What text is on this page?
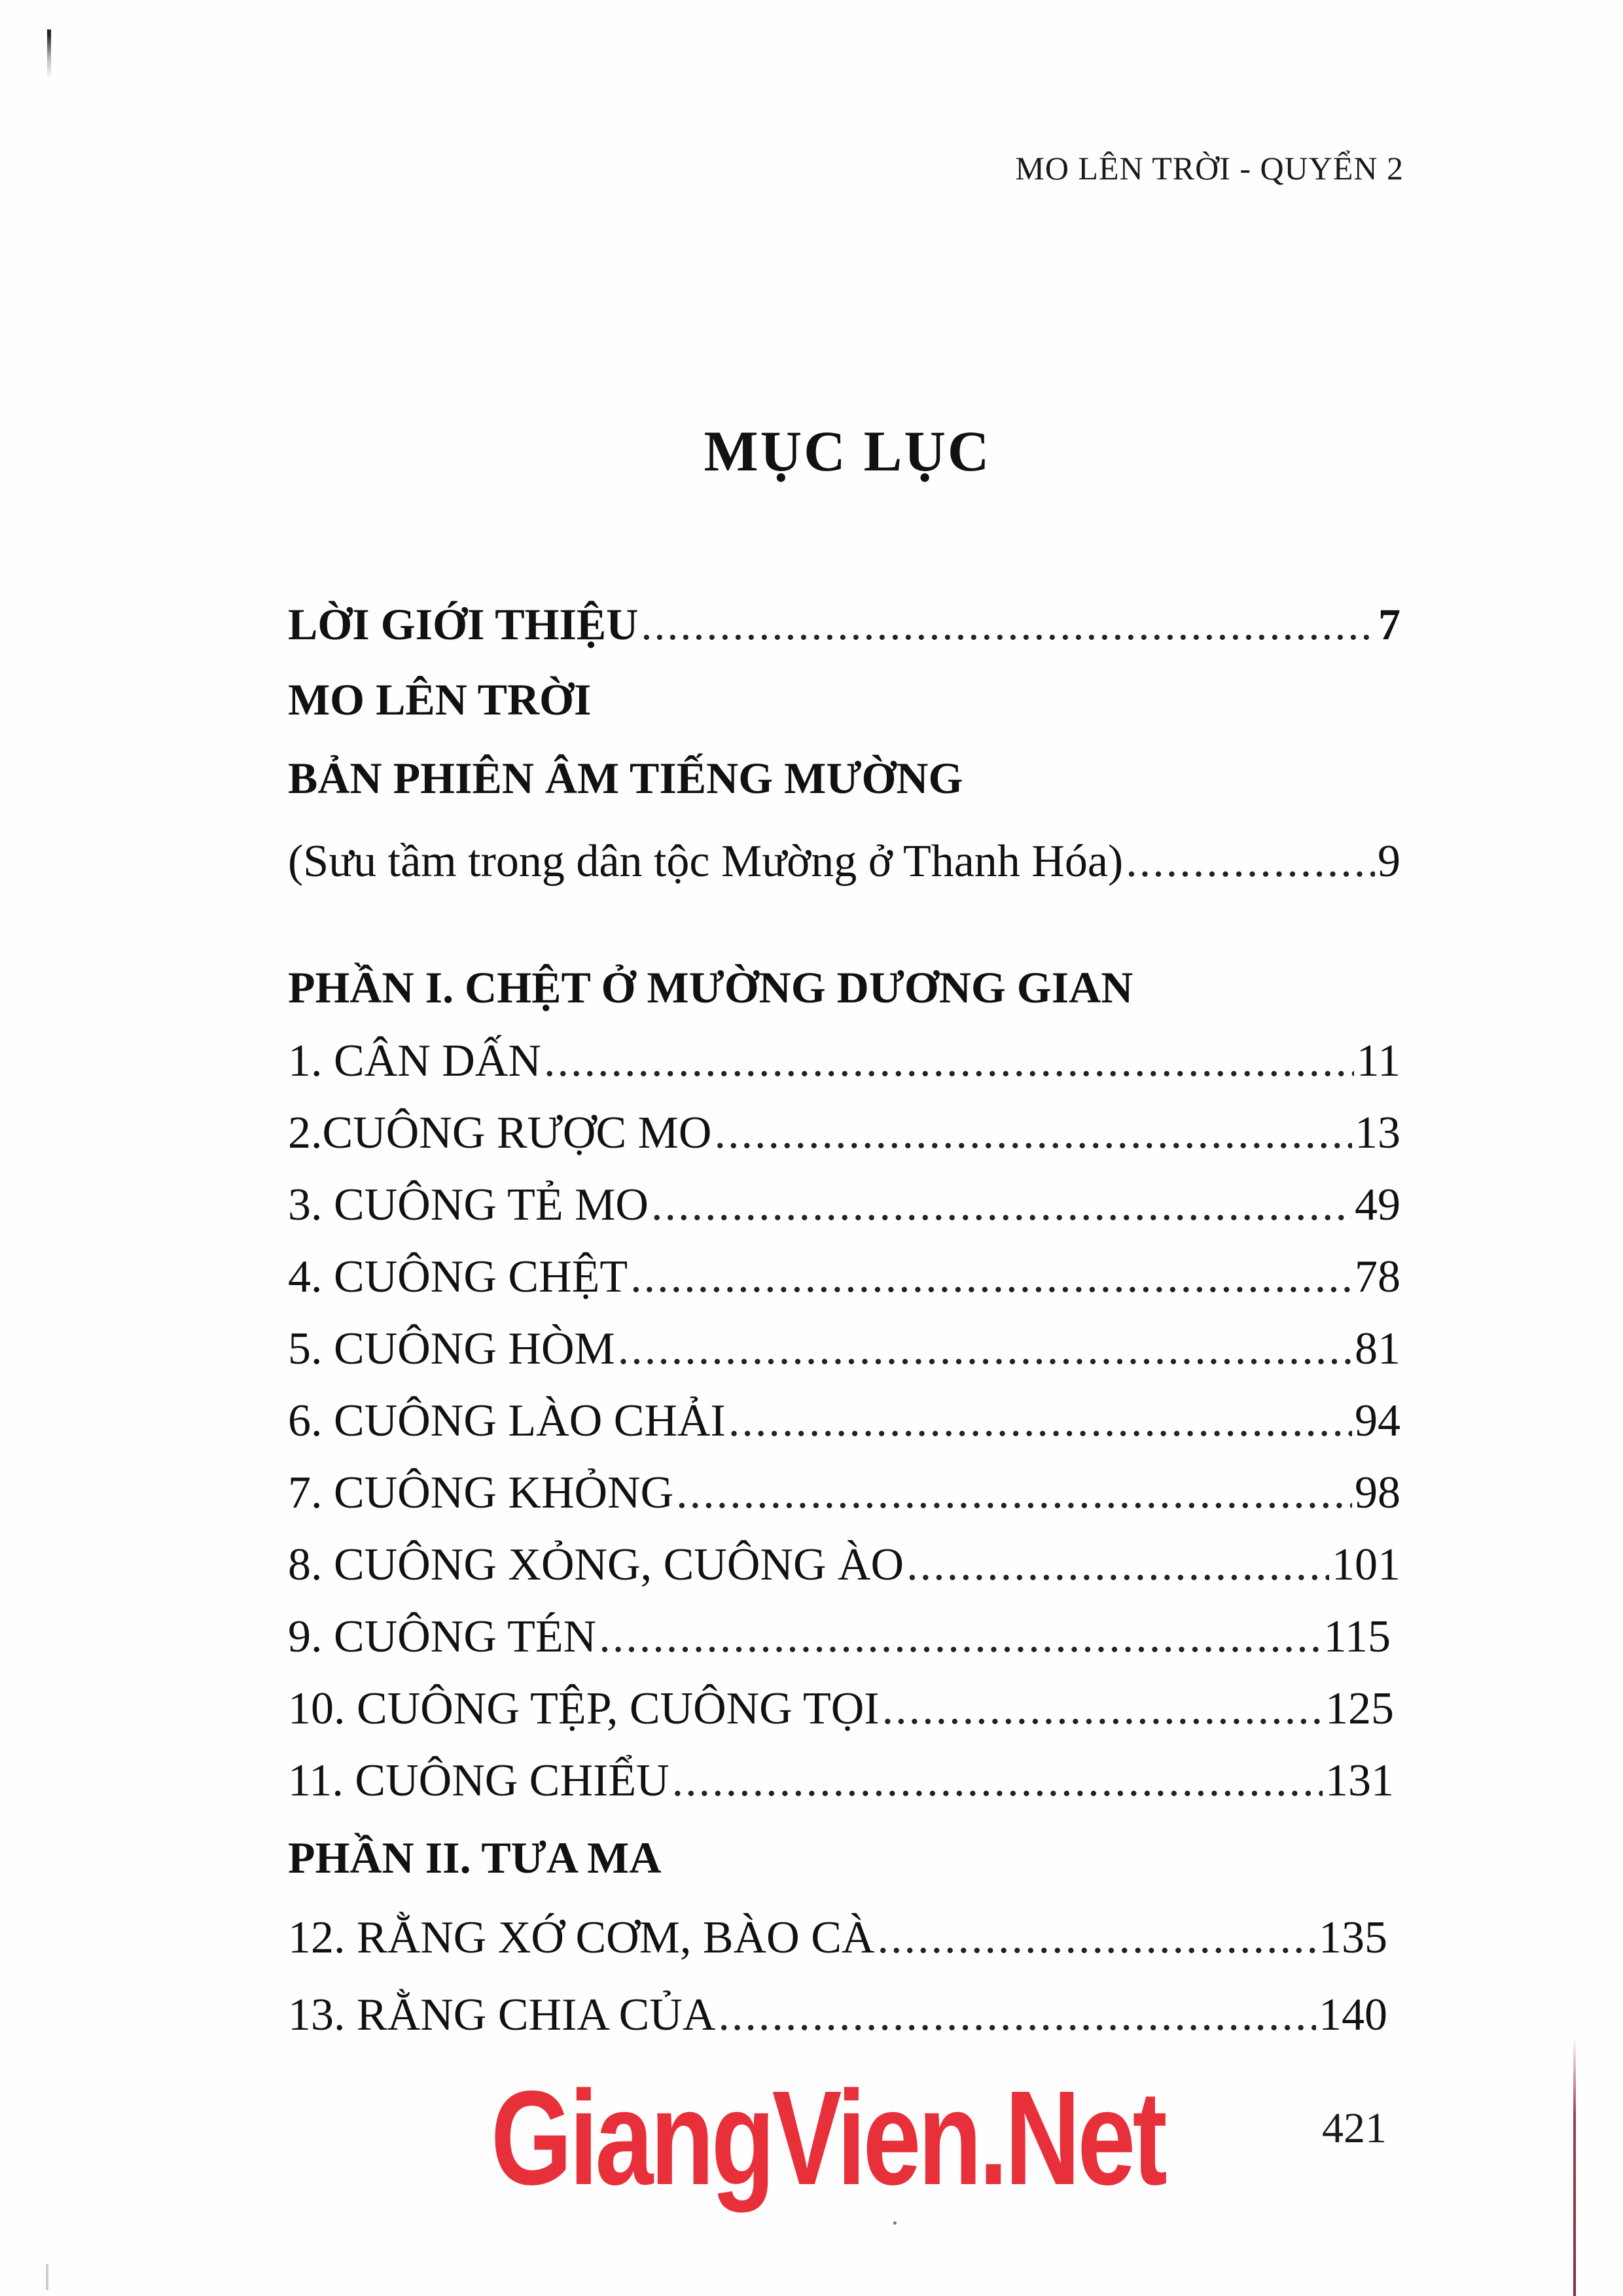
MO LÊN TRỜI - QUYỂN 2
MỤC LỤC
LỜI GIỚI THIỆU .....	7
MO LÊN TRỜI
BẢN PHIÊN ÂM TIẾNG MƯỜNG
(Sưu tầm trong dân tộc Mường ở Thanh Hóa) .....	9
PHẦN I. CHỆT Ở MƯỜNG DƯƠNG GIAN
1. CÂN DẤN .....	11
2.CUÔNG RƯỢC MO .....	13
3. CUÔNG TẺ MO .....	49
4. CUÔNG CHỆT .....	78
5. CUÔNG HÒM .....	81
6. CUÔNG LÀO CHẢI .....	94
7. CUÔNG KHỎNG .....	98
8. CUÔNG XỎNG, CUÔNG ÀO .....	101
9. CUÔNG TÉN .....	115
10. CUÔNG TỆP, CUÔNG TỌI .....	125
11. CUÔNG CHIỂU .....	131
PHẦN II. TƯA MA
12. RẰNG XỚ CƠM, BÀO CÀ .....	135
13. RẰNG CHIA CỦA .....	140
GiangVien.Net	421
